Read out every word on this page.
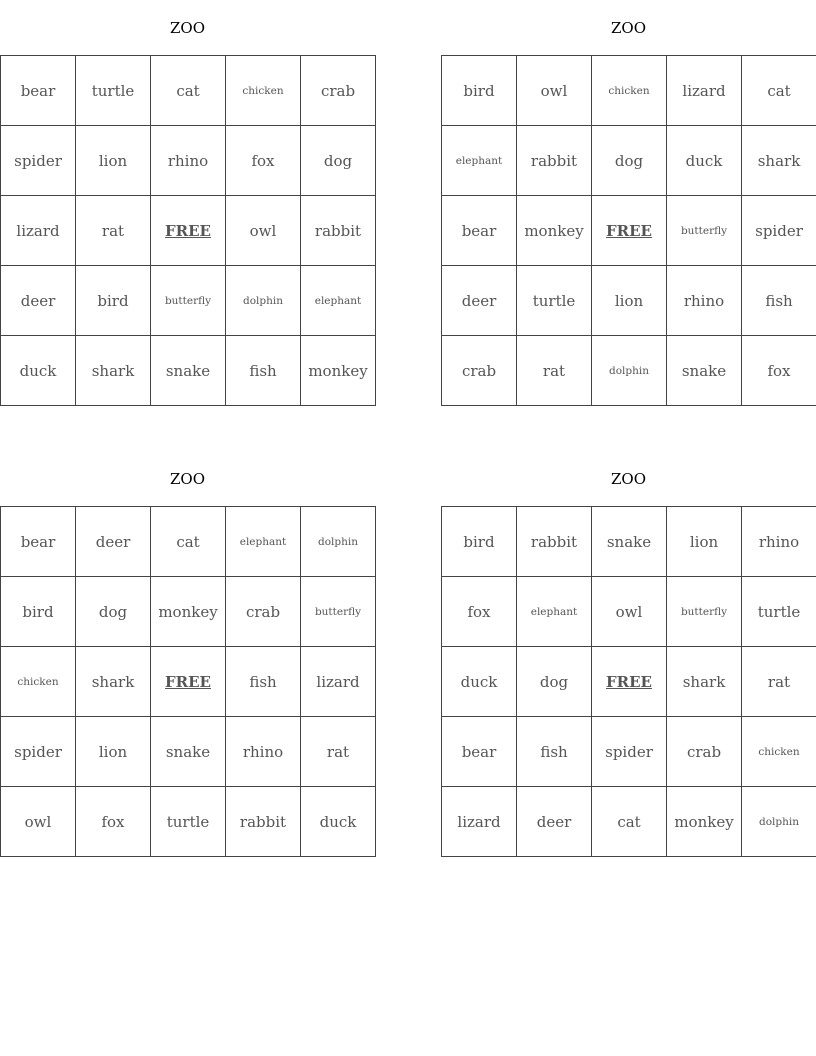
ZOO
bear	turtle	cat	chicken	crab
spider	lion	rhino	fox	dog
lizard	rat	FREE	owl	rabbit
deer	bird	butterfly	dolphin	elephant
duck	shark	snake	fish	monkey
ZOO
bird	owl	chicken	lizard	cat
elephant	rabbit	dog	duck	shark
bear	monkey	FREE	butterfly	spider
deer	turtle	lion	rhino	fish
crab	rat	dolphin	snake	fox
ZOO
bear	deer	cat	elephant	dolphin
bird	dog	monkey	crab	butterfly
chicken	shark	FREE	fish	lizard
spider	lion	snake	rhino	rat
owl	fox	turtle	rabbit	duck
ZOO
bird	rabbit	snake	lion	rhino
fox	elephant	owl	butterfly	turtle
duck	dog	FREE	shark	rat
bear	fish	spider	crab	chicken
lizard	deer	cat	monkey	dolphin
